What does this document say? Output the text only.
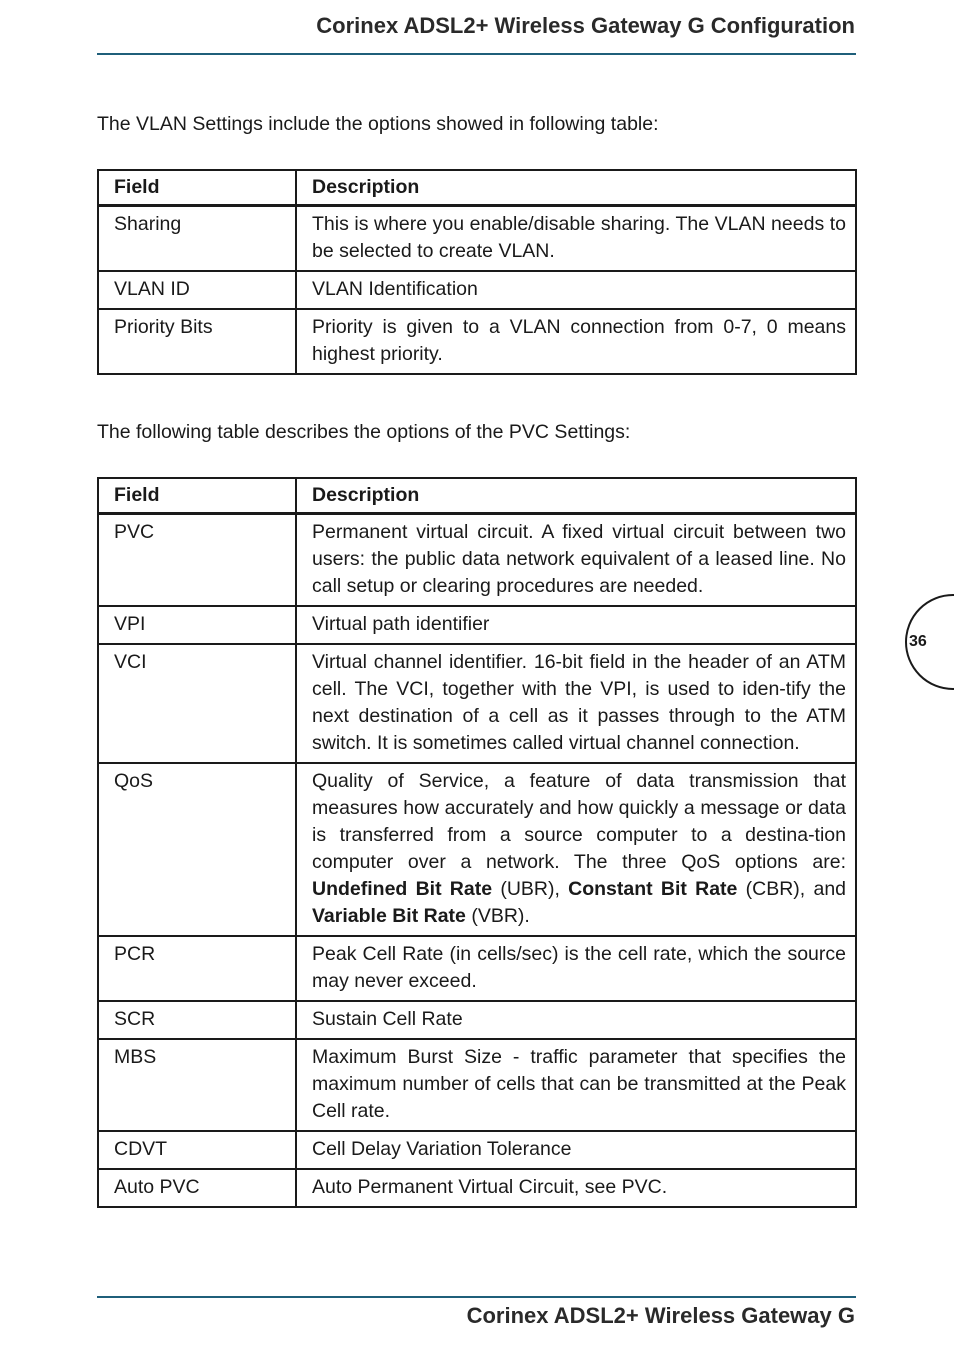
Corinex ADSL2+ Wireless Gateway G Configuration
The VLAN Settings include the options showed in following table:
Field	Description
Sharing	This is where you enable/disable sharing. The VLAN needs to be selected to create VLAN.
VLAN ID	VLAN Identification
Priority Bits	Priority is given to a VLAN connection from 0-7, 0 means highest priority.
The following table describes the options of the PVC Settings:
Field	Description
PVC	Permanent virtual circuit. A fixed virtual circuit between two users: the public data network equivalent of a leased line. No call setup or clearing procedures are needed.
VPI	Virtual path identifier
VCI	Virtual channel identifier. 16-bit field in the header of an ATM cell. The VCI, together with the VPI, is used to iden-tify the next destination of a cell as it passes through to the ATM switch. It is sometimes called virtual channel connection.
QoS	Quality of Service, a feature of data transmission that measures how accurately and how quickly a message or data is transferred from a source computer to a destina-tion computer over a network. The three QoS options are: Undefined Bit Rate (UBR), Constant Bit Rate (CBR), and Variable Bit Rate (VBR).
PCR	Peak Cell Rate (in cells/sec) is the cell rate, which the source may never exceed.
SCR	Sustain Cell Rate
MBS	Maximum Burst Size - traffic parameter that specifies the maximum number of cells that can be transmitted at the Peak Cell rate.
CDVT	Cell Delay Variation Tolerance
Auto PVC	Auto Permanent Virtual Circuit, see PVC.
36
Corinex ADSL2+ Wireless Gateway G
